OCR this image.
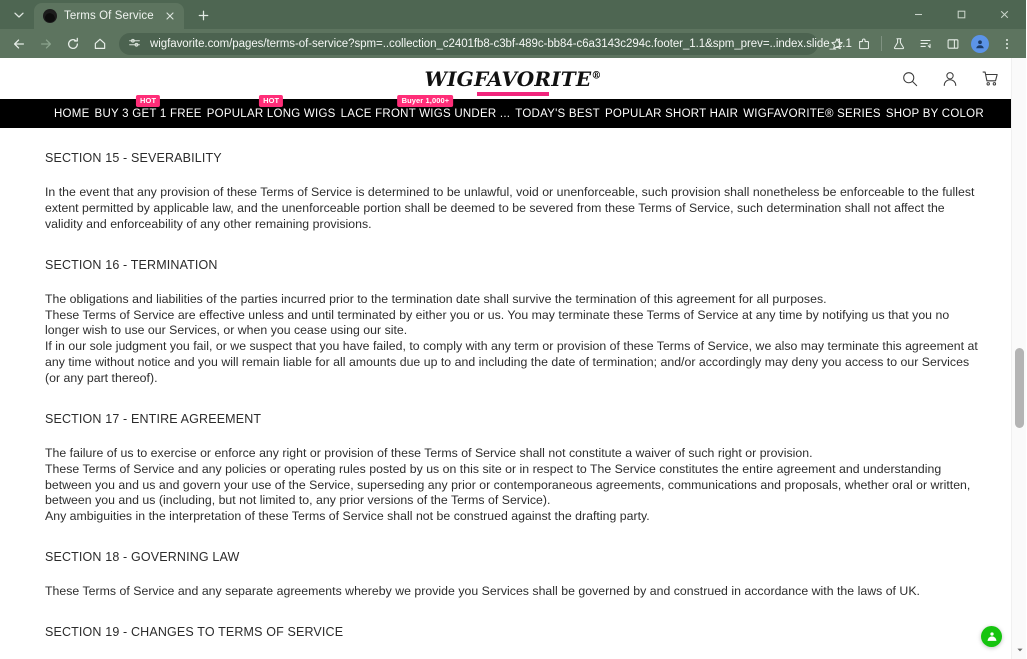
Terms Of Service
wigfavorite.com/pages/terms-of-service?spm=..collection_c2401fb8-c3bf-489c-bb84-c6a3143c294c.footer_1.1&spm_prev=..index.slide_1.1
WIGFAVORITE®
HOME
HOT
BUY 3 GET 1 FREE
HOT
POPULAR LONG WIGS
Buyer 1,000+
LACE FRONT WIGS UNDER ... TODAY'S BEST POPULAR SHORT HAIR WIGFAVORITE® SERIES SHOP BY COLOR
SECTION 15 - SEVERABILITY

In the event that any provision of these Terms of Service is determined to be unlawful, void or unenforceable, such provision shall nonetheless be enforceable to the fullest extent permitted by applicable law, and the unenforceable portion shall be deemed to be severed from these Terms of Service, such determination shall not affect the validity and enforceability of any other remaining provisions.

SECTION 16 - TERMINATION

The obligations and liabilities of the parties incurred prior to the termination date shall survive the termination of this agreement for all purposes.

These Terms of Service are effective unless and until terminated by either you or us. You may terminate these Terms of Service at any time by notifying us that you no longer wish to use our Services, or when you cease using our site.

If in our sole judgment you fail, or we suspect that you have failed, to comply with any term or provision of these Terms of Service, we also may terminate this agreement at any time without notice and you will remain liable for all amounts due up to and including the date of termination; and/or accordingly may deny you access to our Services (or any part thereof).

SECTION 17 - ENTIRE AGREEMENT

The failure of us to exercise or enforce any right or provision of these Terms of Service shall not constitute a waiver of such right or provision.

These Terms of Service and any policies or operating rules posted by us on this site or in respect to The Service constitutes the entire agreement and understanding between you and us and govern your use of the Service, superseding any prior or contemporaneous agreements, communications and proposals, whether oral or written, between you and us (including, but not limited to, any prior versions of the Terms of Service).

Any ambiguities in the interpretation of these Terms of Service shall not be construed against the drafting party.

SECTION 18 - GOVERNING LAW

These Terms of Service and any separate agreements whereby we provide you Services shall be governed by and construed in accordance with the laws of UK.

SECTION 19 - CHANGES TO TERMS OF SERVICE
